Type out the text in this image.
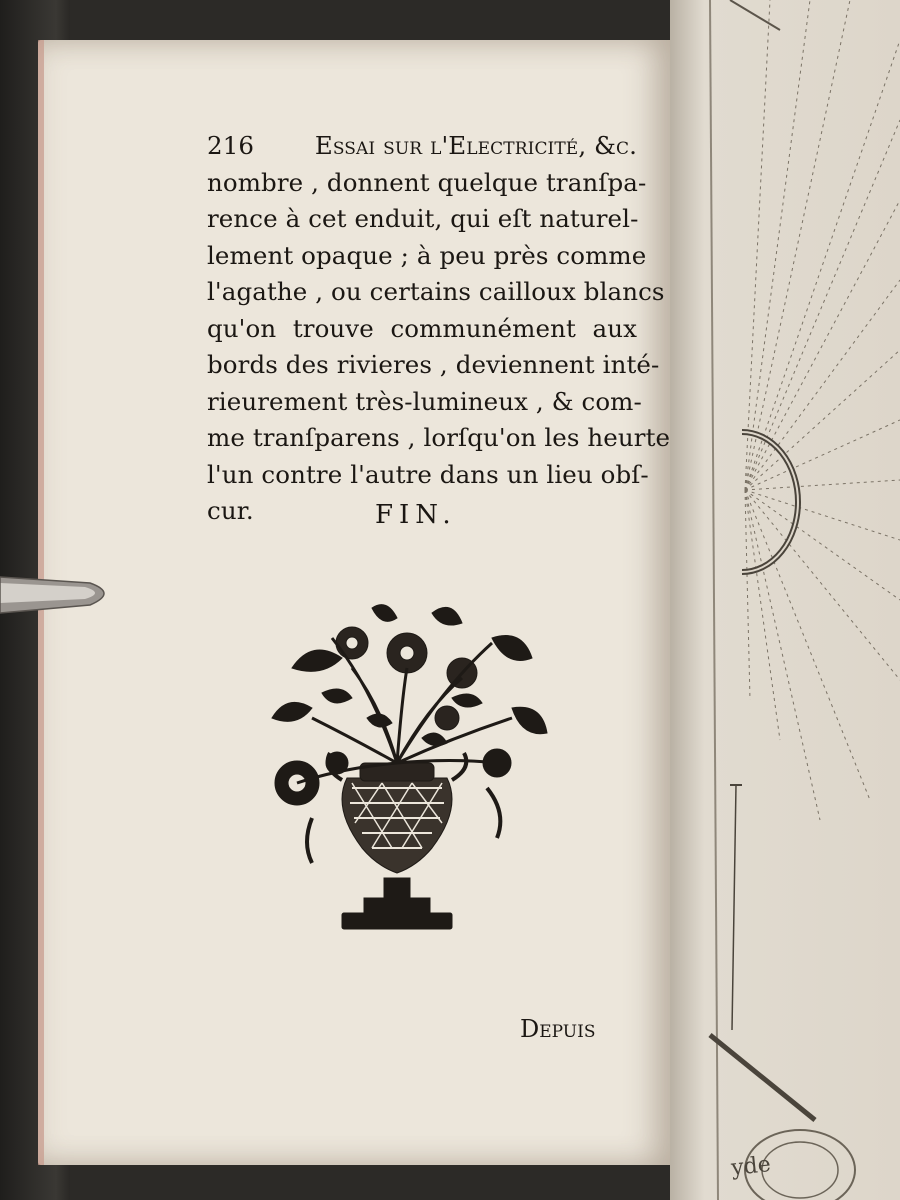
yde
216 Essai sur l'Electricité, &c.
nombre , donnent quelque tranſpa-
rence à cet enduit, qui eſt naturel-
lement opaque ; à peu près comme
l'agathe , ou certains cailloux blancs
qu'on trouve communément aux
bords des rivieres , deviennent inté-
rieurement très-lumineux , & com-
me tranſparens , lorſqu'on les heurte
l'un contre l'autre dans un lieu obſ-
cur.	FIN.
Depuis
